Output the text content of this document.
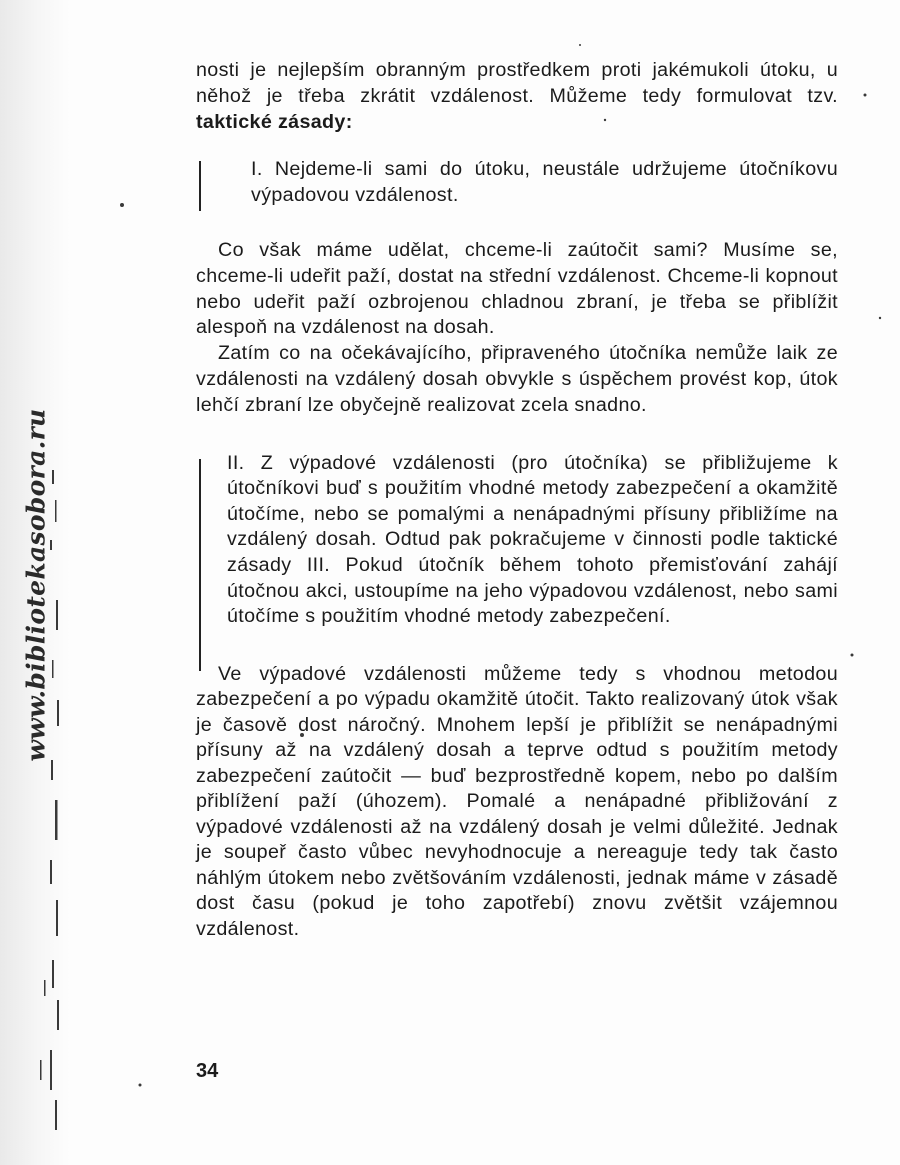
www.bibliotekasobora.ru

nosti je nejlepším obranným prostředkem proti jakémukoli útoku, u něhož je třeba zkrátit vzdálenost. Můžeme tedy formulovat tzv. taktické zásady:

I. Nejdeme-li sami do útoku, neustále udržujeme útočníkovu výpadovou vzdálenost.

Co však máme udělat, chceme-li zaútočit sami? Musíme se, chceme-li udeřit paží, dostat na střední vzdálenost. Chceme-li kopnout nebo udeřit paží ozbrojenou chladnou zbraní, je třeba se přiblížit alespoň na vzdálenost na dosah.

Zatím co na očekávajícího, připraveného útočníka nemůže laik ze vzdálenosti na vzdálený dosah obvykle s úspěchem provést kop, útok lehčí zbraní lze obyčejně realizovat zcela snadno.

II. Z výpadové vzdálenosti (pro útočníka) se přibližujeme k útočníkovi buď s použitím vhodné metody zabezpečení a okamžitě útočíme, nebo se pomalými a nenápadnými přísuny přibližíme na vzdálený dosah. Odtud pak pokračujeme v činnosti podle taktické zásady III. Pokud útočník během tohoto přemisťování zahájí útočnou akci, ustoupíme na jeho výpadovou vzdálenost, nebo sami útočíme s použitím vhodné metody zabezpečení.

Ve výpadové vzdálenosti můžeme tedy s vhodnou metodou zabezpečení a po výpadu okamžitě útočit. Takto realizovaný útok však je časově dost náročný. Mnohem lepší je přiblížit se nenápadnými přísuny až na vzdálený dosah a teprve odtud s použitím metody zabezpečení zaútočit — buď bezprostředně kopem, nebo po dalším přiblížení paží (úhozem). Pomalé a nenápadné přibližování z výpadové vzdálenosti až na vzdálený dosah je velmi důležité. Jednak je soupeř často vůbec nevyhodnocuje a nereaguje tedy tak často náhlým útokem nebo zvětšováním vzdálenosti, jednak máme v zásadě dost času (pokud je toho zapotřebí) znovu zvětšit vzájemnou vzdálenost.

34
